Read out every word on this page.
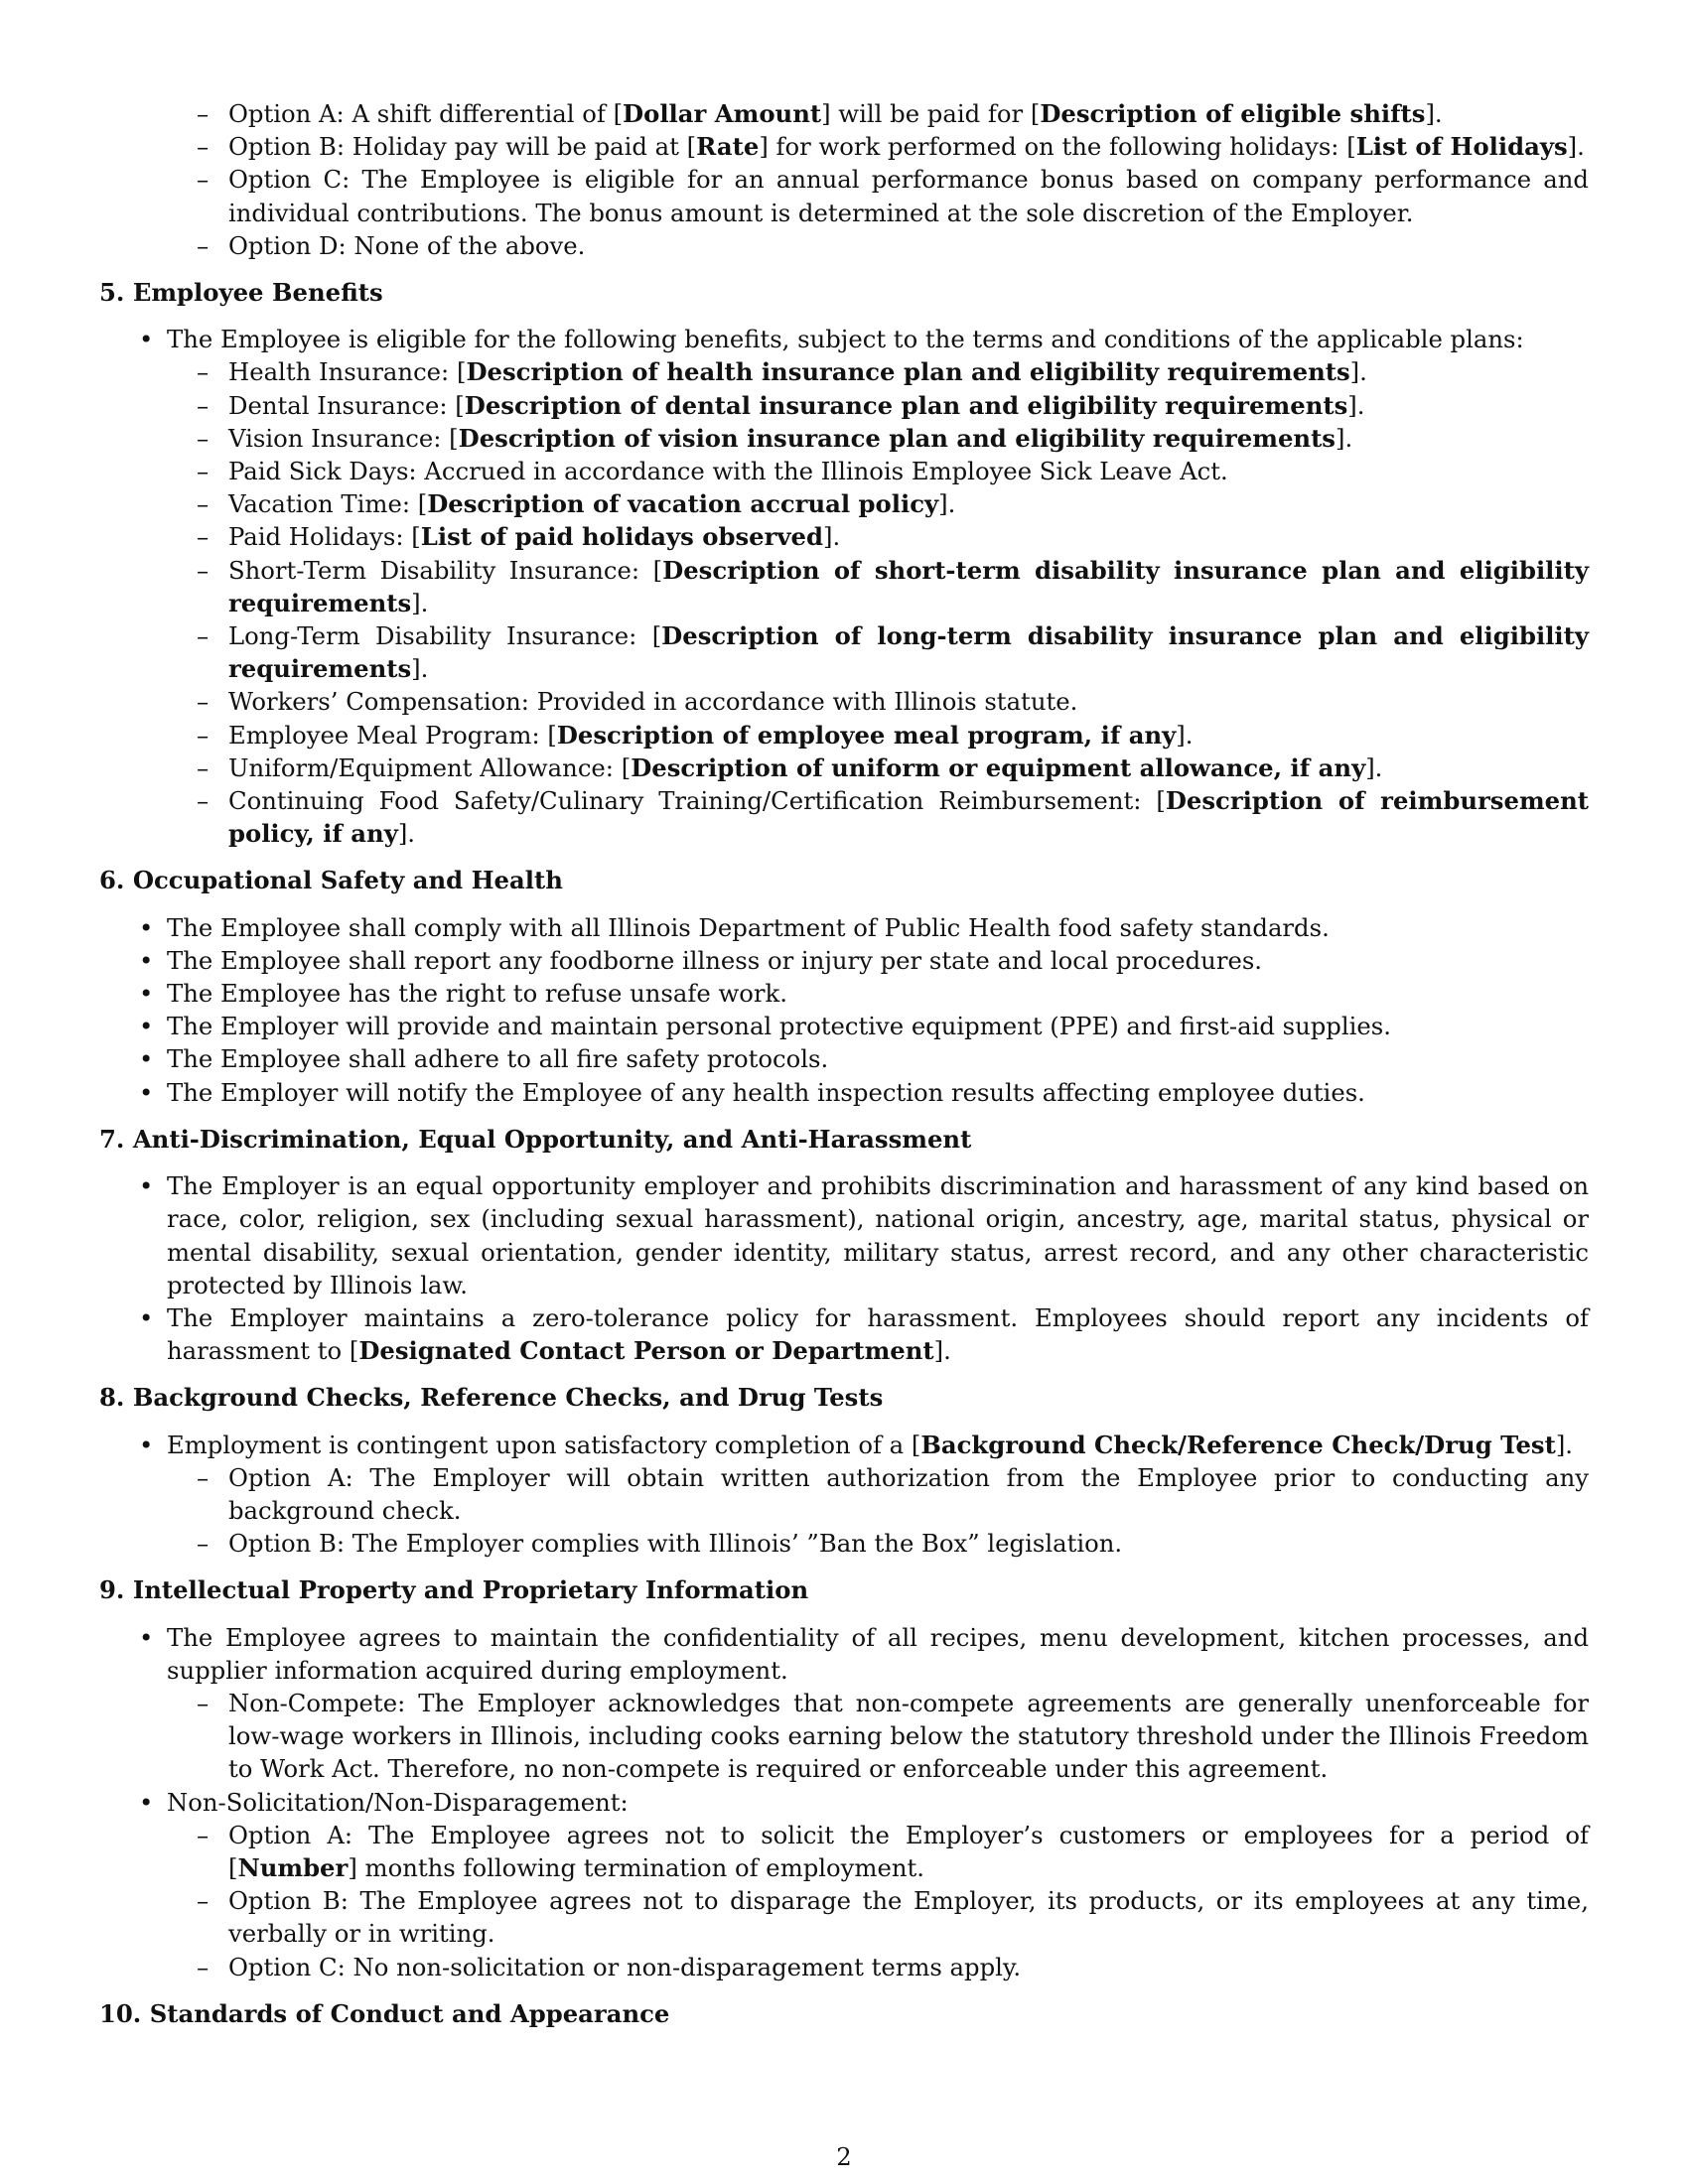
– Option A: A shift differential of [Dollar Amount] will be paid for [Description of eligible shifts].
– Option B: Holiday pay will be paid at [Rate] for work performed on the following holidays: [List of Holidays].
– Option C: The Employee is eligible for an annual performance bonus based on company performance and individual contributions. The bonus amount is determined at the sole discretion of the Employer.
– Option D: None of the above.
5. Employee Benefits
• The Employee is eligible for the following benefits, subject to the terms and conditions of the applicable plans:
– Health Insurance: [Description of health insurance plan and eligibility requirements].
– Dental Insurance: [Description of dental insurance plan and eligibility requirements].
– Vision Insurance: [Description of vision insurance plan and eligibility requirements].
– Paid Sick Days: Accrued in accordance with the Illinois Employee Sick Leave Act.
– Vacation Time: [Description of vacation accrual policy].
– Paid Holidays: [List of paid holidays observed].
– Short-Term Disability Insurance: [Description of short-term disability insurance plan and eligibility requirements].
– Long-Term Disability Insurance: [Description of long-term disability insurance plan and eligibility requirements].
– Workers’ Compensation: Provided in accordance with Illinois statute.
– Employee Meal Program: [Description of employee meal program, if any].
– Uniform/Equipment Allowance: [Description of uniform or equipment allowance, if any].
– Continuing Food Safety/Culinary Training/Certification Reimbursement: [Description of reimbursement policy, if any].
6. Occupational Safety and Health
• The Employee shall comply with all Illinois Department of Public Health food safety standards.
• The Employee shall report any foodborne illness or injury per state and local procedures.
• The Employee has the right to refuse unsafe work.
• The Employer will provide and maintain personal protective equipment (PPE) and first-aid supplies.
• The Employee shall adhere to all fire safety protocols.
• The Employer will notify the Employee of any health inspection results affecting employee duties.
7. Anti-Discrimination, Equal Opportunity, and Anti-Harassment
• The Employer is an equal opportunity employer and prohibits discrimination and harassment of any kind based on race, color, religion, sex (including sexual harassment), national origin, ancestry, age, marital status, physical or mental disability, sexual orientation, gender identity, military status, arrest record, and any other characteristic protected by Illinois law.
• The Employer maintains a zero-tolerance policy for harassment. Employees should report any incidents of harassment to [Designated Contact Person or Department].
8. Background Checks, Reference Checks, and Drug Tests
• Employment is contingent upon satisfactory completion of a [Background Check/Reference Check/Drug Test].
– Option A: The Employer will obtain written authorization from the Employee prior to conducting any background check.
– Option B: The Employer complies with Illinois’ ”Ban the Box” legislation.
9. Intellectual Property and Proprietary Information
• The Employee agrees to maintain the confidentiality of all recipes, menu development, kitchen processes, and supplier information acquired during employment.
– Non-Compete: The Employer acknowledges that non-compete agreements are generally unenforceable for low-wage workers in Illinois, including cooks earning below the statutory threshold under the Illinois Freedom to Work Act. Therefore, no non-compete is required or enforceable under this agreement.
• Non-Solicitation/Non-Disparagement:
– Option A: The Employee agrees not to solicit the Employer’s customers or employees for a period of [Number] months following termination of employment.
– Option B: The Employee agrees not to disparage the Employer, its products, or its employees at any time, verbally or in writing.
– Option C: No non-solicitation or non-disparagement terms apply.
10. Standards of Conduct and Appearance
2
